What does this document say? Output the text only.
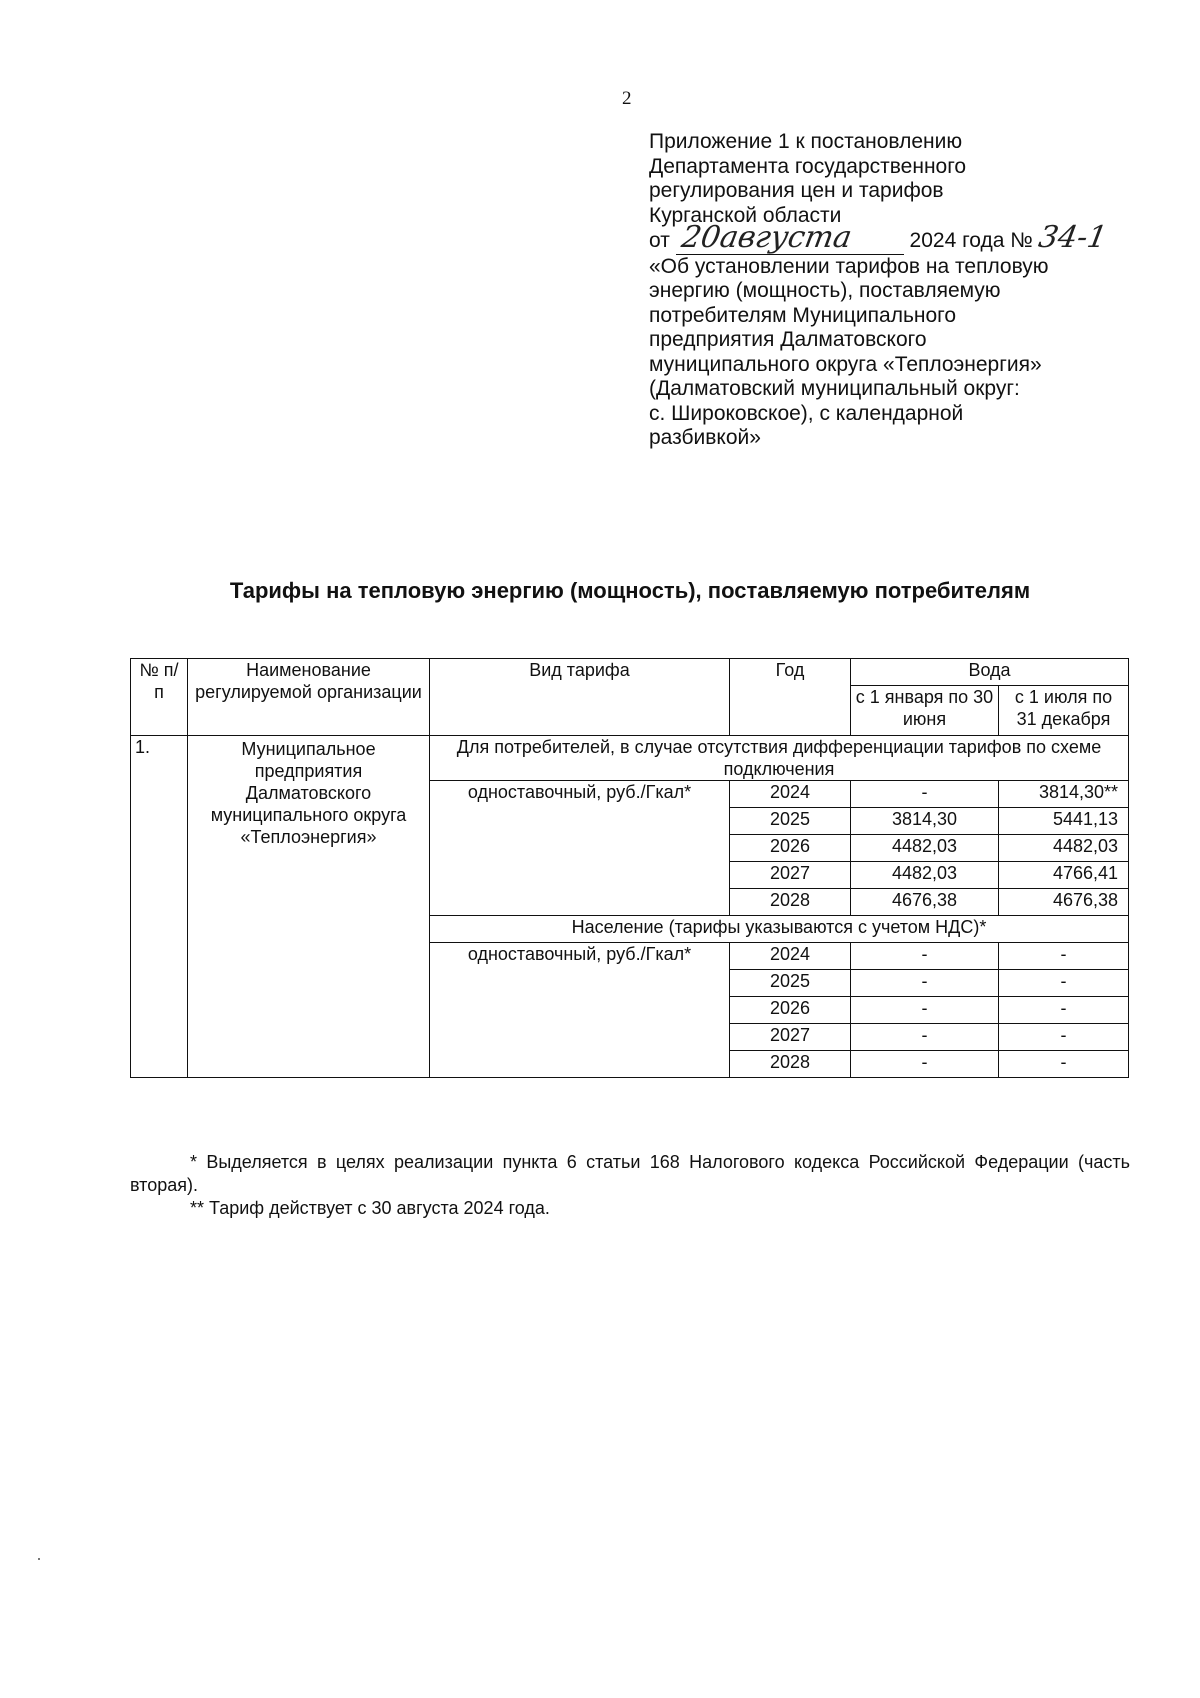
2
Приложение 1 к постановлению
Департамента государственного
регулирования цен и тарифов
Курганской области
от 20августа	2024 года № 34-1
«Об установлении тарифов на тепловую
энергию (мощность), поставляемую
потребителям Муниципального
предприятия Далматовского
муниципального округа «Теплоэнергия»
(Далматовский муниципальный округ:
с. Широковское), с календарной
разбивкой»
Тарифы на тепловую энергию (мощность), поставляемую потребителям
№ п/п	Наименование регулируемой организации	Вид тарифа	Год	Вода	
				с 1 января по 30 июня	с 1 июля по 31 декабря
1.	Муниципальное предприятия Далматовского муниципального округа «Теплоэнергия»	Для потребителей, в случае отсутствия дифференциации тарифов по схеме подключения			
		одноставочный, руб./Гкал*	2024	-	3814,30**
			2025	3814,30	5441,13
			2026	4482,03	4482,03
			2027	4482,03	4766,41
			2028	4676,38	4676,38
		Население (тарифы указываются с учетом НДС)*			
		одноставочный, руб./Гкал*	2024	-	-
			2025	-	-
			2026	-	-
			2027	-	-
			2028	-	-
* Выделяется в целях реализации пункта 6 статьи 168 Налогового кодекса Российской Федерации (часть вторая).
** Тариф действует с 30 августа 2024 года.
